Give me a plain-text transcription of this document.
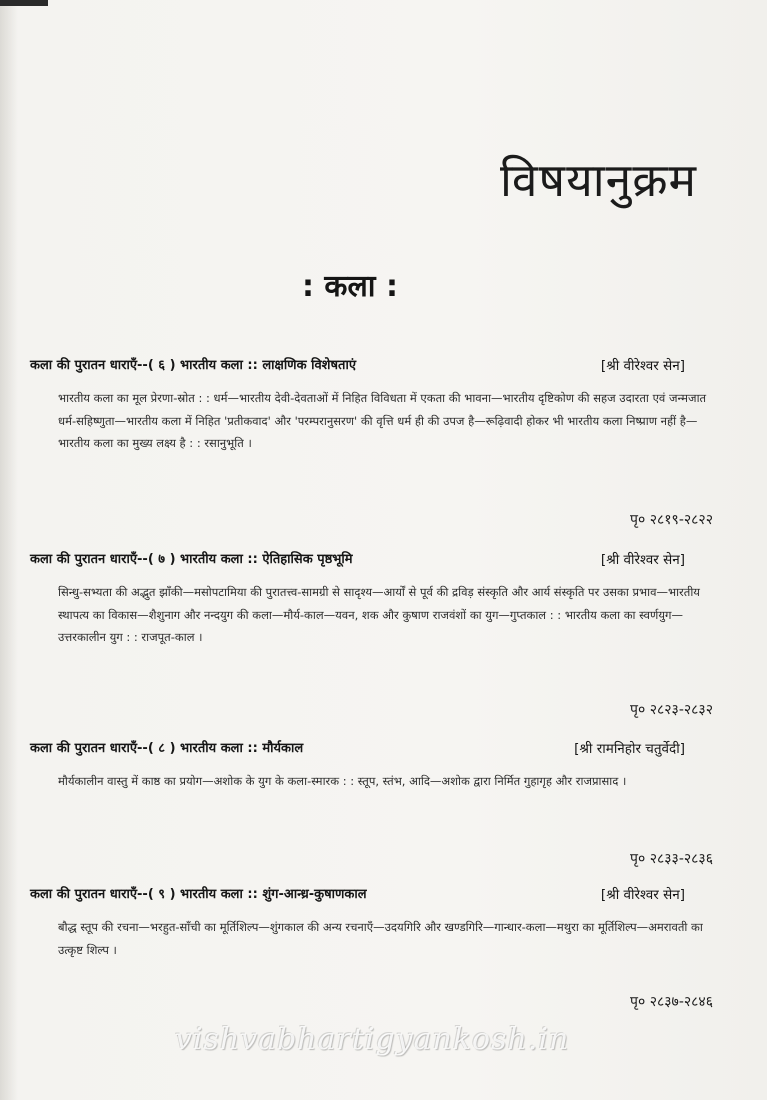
विषयानुक्रम
: कला :
कला की पुरातन धाराएँ--( ६ ) भारतीय कला :: लाक्षणिक विशेषताएं	[श्री वीरेश्वर सेन]
भारतीय कला का मूल प्रेरणा-स्रोत : : धर्म—भारतीय देवी-देवताओं में निहित विविधता में एकता की भावना—भारतीय दृष्टिकोण की सहज उदारता एवं जन्मजात धर्म-सहिष्णुता—भारतीय कला में निहित 'प्रतीकवाद' और 'परम्परानुसरण' की वृत्ति धर्म ही की उपज है—रूढ़िवादी होकर भी भारतीय कला निष्प्राण नहीं है—भारतीय कला का मुख्य लक्ष्य है : : रसानुभूति ।
पृ० २८१९-२८२२
कला की पुरातन धाराएँ--( ७ ) भारतीय कला :: ऐतिहासिक पृष्ठभूमि	[श्री वीरेश्वर सेन]
सिन्धु-सभ्यता की अद्भुत झाँकी—मसोपटामिया की पुरातत्त्व-सामग्री से सादृश्य—आर्यों से पूर्व की द्रविड़ संस्कृति और आर्य संस्कृति पर उसका प्रभाव—भारतीय स्थापत्य का विकास—शैशुनाग और नन्दयुग की कला—मौर्य-काल—यवन, शक और कुषाण राजवंशों का युग—गुप्तकाल : : भारतीय कला का स्वर्णयुग—उत्तरकालीन युग : : राजपूत-काल ।
पृ० २८२३-२८३२
कला की पुरातन धाराएँ--( ८ ) भारतीय कला :: मौर्यकाल	[श्री रामनिहोर चतुर्वेदी]
मौर्यकालीन वास्तु में काष्ठ का प्रयोग—अशोक के युग के कला-स्मारक : : स्तूप, स्तंभ, आदि—अशोक द्वारा निर्मित गुहागृह और राजप्रासाद ।
पृ० २८३३-२८३६
कला की पुरातन धाराएँ--( ९ ) भारतीय कला :: शुंग-आन्ध्र-कुषाणकाल	[श्री वीरेश्वर सेन]
बौद्ध स्तूप की रचना—भरहुत-साँची का मूर्तिशिल्प—शुंगकाल की अन्य रचनाएँ—उदयगिरि और खण्डगिरि—गान्धार-कला—मथुरा का मूर्तिशिल्प—अमरावती का उत्कृष्ट शिल्प ।
पृ० २८३७-२८४६
vishvabhartigyankosh.in
